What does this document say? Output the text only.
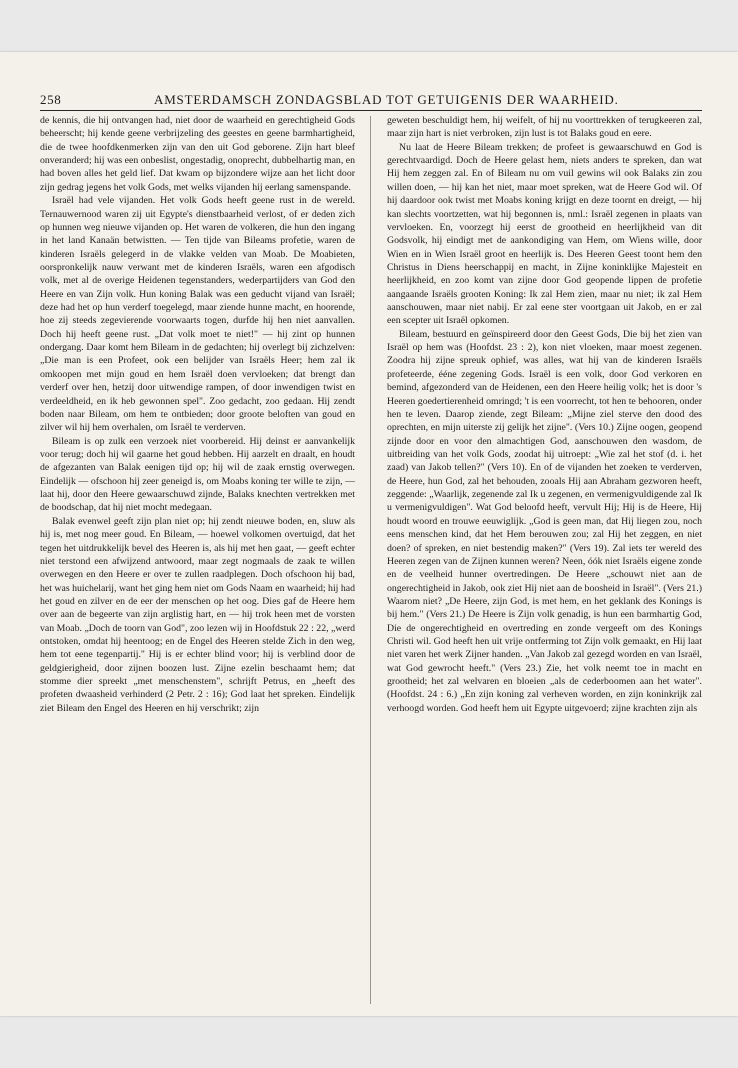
258	AMSTERDAMSCH ZONDAGSBLAD TOT GETUIGENIS DER WAARHEID.

de kennis, die hij ontvangen had, niet door de waarheid en gerechtigheid Gods beheerscht; hij kende geene verbrijzeling des geestes en geene barmhartigheid, die de twee hoofdkenmerken zijn van den uit God geborene. Zijn hart bleef onveranderd; hij was een onbeslist, ongestadig, onoprecht, dubbelhartig man, en had boven alles het geld lief. Dat kwam op bijzondere wijze aan het licht door zijn gedrag jegens het volk Gods, met welks vijanden hij eerlang samenspande.

Israël had vele vijanden. Het volk Gods heeft geene rust in de wereld. Ternauwernood waren zij uit Egypte's dienstbaarheid verlost, of er deden zich op hunnen weg nieuwe vijanden op. Het waren de volkeren, die hun den ingang in het land Kanaän betwistten. — Ten tijde van Bileams profetie, waren de kinderen Israëls gelegerd in de vlakke velden van Moab. De Moabieten, oorspronkelijk nauw verwant met de kinderen Israëls, waren een afgodisch volk, met al de overige Heidenen tegenstanders, wederpartijders van God den Heere en van Zijn volk. Hun koning Balak was een geducht vijand van Israël; deze had het op hun verderf toegelegd, maar ziende hunne macht, en hoorende, hoe zij steeds zegevierende voorwaarts togen, durfde hij hen niet aanvallen. Doch hij heeft geene rust. „Dat volk moet te niet!" — hij zint op hunnen ondergang. Daar komt hem Bileam in de gedachten; hij overlegt bij zichzelven: „Die man is een Profeet, ook een belijder van Israëls Heer; hem zal ik omkoopen met mijn goud en hem Israël doen vervloeken; dat brengt dan verderf over hen, hetzij door uitwendige rampen, of door inwendigen twist en verdeeldheid, en ik heb gewonnen spel". Zoo gedacht, zoo gedaan. Hij zendt boden naar Bileam, om hem te ontbieden; door groote beloften van goud en zilver wil hij hem overhalen, om Israël te verderven.

Bileam is op zulk een verzoek niet voorbereid. Hij deinst er aanvankelijk voor terug; doch hij wil gaarne het goud hebben. Hij aarzelt en draalt, en houdt de afgezanten van Balak eenigen tijd op; hij wil de zaak ernstig overwegen. Eindelijk — ofschoon hij zeer geneigd is, om Moabs koning ter wille te zijn, — laat hij, door den Heere gewaarschuwd zijnde, Balaks knechten vertrekken met de boodschap, dat hij niet mocht medegaan.

Balak evenwel geeft zijn plan niet op; hij zendt nieuwe boden, en, sluw als hij is, met nog meer goud. En Bileam, — hoewel volkomen overtuigd, dat het tegen het uitdrukkelijk bevel des Heeren is, als hij met hen gaat, — geeft echter niet terstond een afwijzend antwoord, maar zegt nogmaals de zaak te willen overwegen en den Heere er over te zullen raadplegen. Doch ofschoon hij bad, het was huichelarij, want het ging hem niet om Gods Naam en waarheid; hij had het goud en zilver en de eer der menschen op het oog. Dies gaf de Heere hem over aan de begeerte van zijn arglistig hart, en — hij trok heen met de vorsten van Moab. „Doch de toorn van God", zoo lezen wij in Hoofdstuk 22 : 22, „werd ontstoken, omdat hij heentoog; en de Engel des Heeren stelde Zich in den weg, hem tot eene tegenpartij." Hij is er echter blind voor; hij is verblind door de geldgierigheid, door zijnen boozen lust. Zijne ezelin beschaamt hem; dat stomme dier spreekt „met menschenstem", schrijft Petrus, en „heeft des profeten dwaasheid verhinderd (2 Petr. 2 : 16); God laat het spreken. Eindelijk ziet Bileam den Engel des Heeren en hij verschrikt; zijn

geweten beschuldigt hem, hij weifelt, of hij nu voorttrekken of terugkeeren zal, maar zijn hart is niet verbroken, zijn lust is tot Balaks goud en eere.

Nu laat de Heere Bileam trekken; de profeet is gewaarschuwd en God is gerechtvaardigd. Doch de Heere gelast hem, niets anders te spreken, dan wat Hij hem zeggen zal. En of Bileam nu om vuil gewins wil ook Balaks zin zou willen doen, — hij kan het niet, maar moet spreken, wat de Heere God wil. Of hij daardoor ook twist met Moabs koning krijgt en deze toornt en dreigt, — hij kan slechts voortzetten, wat hij begonnen is, nml.: Israël zegenen in plaats van vervloeken. En, voorzegt hij eerst de grootheid en heerlijkheid van dit Godsvolk, hij eindigt met de aankondiging van Hem, om Wiens wille, door Wien en in Wien Israël groot en heerlijk is. Des Heeren Geest toont hem den Christus in Diens heerschappij en macht, in Zijne koninklijke Majesteit en heerlijkheid, en zoo komt van zijne door God geopende lippen de profetie aangaande Israëls grooten Koning: Ik zal Hem zien, maar nu niet; ik zal Hem aanschouwen, maar niet nabij. Er zal eene ster voortgaan uit Jakob, en er zal een scepter uit Israël opkomen.

Bileam, bestuurd en geïnspireerd door den Geest Gods, Die bij het zien van Israël op hem was (Hoofdst. 23 : 2), kon niet vloeken, maar moest zegenen. Zoodra hij zijne spreuk ophief, was alles, wat hij van de kinderen Israëls profeteerde, ééne zegening Gods. Israël is een volk, door God verkoren en bemind, afgezonderd van de Heidenen, een den Heere heilig volk; het is door 's Heeren goedertierenheid omringd; 't is een voorrecht, tot hen te behooren, onder hen te leven. Daarop ziende, zegt Bileam: „Mijne ziel sterve den dood des oprechten, en mijn uiterste zij gelijk het zijne". (Vers 10.) Zijne oogen, geopend zijnde door en voor den almachtigen God, aanschouwen den wasdom, de uitbreiding van het volk Gods, zoodat hij uitroept: „Wie zal het stof (d. i. het zaad) van Jakob tellen?" (Vers 10). En of de vijanden het zoeken te verderven, de Heere, hun God, zal het behouden, zooals Hij aan Abraham gezworen heeft, zeggende: „Waarlijk, zegenende zal Ik u zegenen, en vermenigvuldigende zal Ik u vermenigvuldigen". Wat God beloofd heeft, vervult Hij; Hij is de Heere, Hij houdt woord en trouwe eeuwiglijk. „God is geen man, dat Hij liegen zou, noch eens menschen kind, dat het Hem berouwen zou; zal Hij het zeggen, en niet doen? of spreken, en niet bestendig maken?" (Vers 19). Zal iets ter wereld des Heeren zegen van de Zijnen kunnen weren? Neen, óók niet Israëls eigene zonde en de veelheid hunner overtredingen. De Heere „schouwt niet aan de ongerechtigheid in Jakob, ook ziet Hij niet aan de boosheid in Israël". (Vers 21.) Waarom niet? „De Heere, zijn God, is met hem, en het geklank des Konings is bij hem." (Vers 21.) De Heere is Zijn volk genadig, is hun een barmhartig God, Die de ongerechtigheid en overtreding en zonde vergeeft om des Konings Christi wil. God heeft hen uit vrije ontferming tot Zijn volk gemaakt, en Hij laat niet varen het werk Zijner handen. „Van Jakob zal gezegd worden en van Israël, wat God gewrocht heeft." (Vers 23.) Zie, het volk neemt toe in macht en grootheid; het zal welvaren en bloeien „als de cederboomen aan het water". (Hoofdst. 24 : 6.) „En zijn koning zal verheven worden, en zijn koninkrijk zal verhoogd worden. God heeft hem uit Egypte uitgevoerd; zijne krachten zijn als
